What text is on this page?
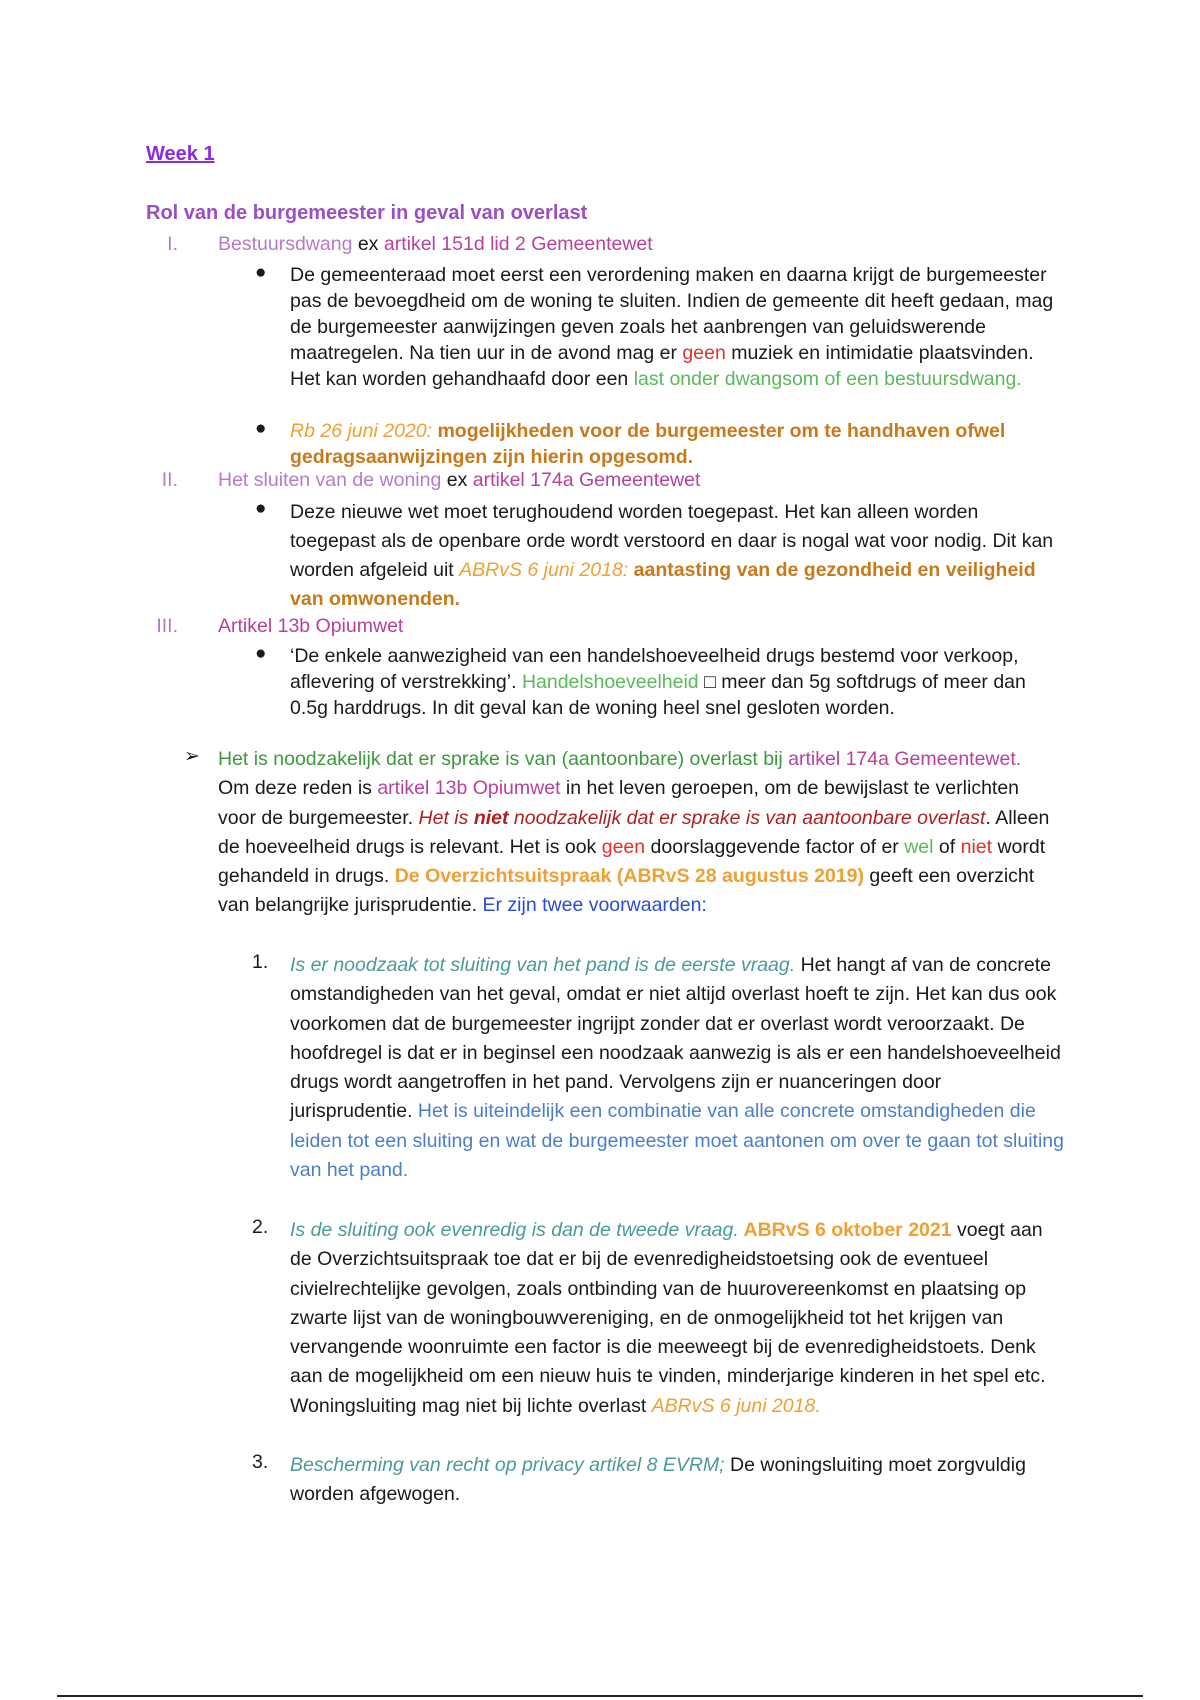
Week 1
Rol van de burgemeester in geval van overlast
I. Bestuursdwang ex artikel 151d lid 2 Gemeentewet
● De gemeenteraad moet eerst een verordening maken en daarna krijgt de burgemeester pas de bevoegdheid om de woning te sluiten. Indien de gemeente dit heeft gedaan, mag de burgemeester aanwijzingen geven zoals het aanbrengen van geluidswerende maatregelen. Na tien uur in de avond mag er geen muziek en intimidatie plaatsvinden. Het kan worden gehandhaafd door een last onder dwangsom of een bestuursdwang.
● Rb 26 juni 2020: mogelijkheden voor de burgemeester om te handhaven ofwel gedragsaanwijzingen zijn hierin opgesomd.
II. Het sluiten van de woning ex artikel 174a Gemeentewet
● Deze nieuwe wet moet terughoudend worden toegepast. Het kan alleen worden toegepast als de openbare orde wordt verstoord en daar is nogal wat voor nodig. Dit kan worden afgeleid uit ABRvS 6 juni 2018: aantasting van de gezondheid en veiligheid van omwonenden.
III. Artikel 13b Opiumwet
● ‘De enkele aanwezigheid van een handelshoeveelheid drugs bestemd voor verkoop, aflevering of verstrekking’. Handelshoeveelheid □ meer dan 5g softdrugs of meer dan 0.5g harddrugs. In dit geval kan de woning heel snel gesloten worden.
➢ Het is noodzakelijk dat er sprake is van (aantoonbare) overlast bij artikel 174a Gemeentewet. Om deze reden is artikel 13b Opiumwet in het leven geroepen, om de bewijslast te verlichten voor de burgemeester. Het is niet noodzakelijk dat er sprake is van aantoonbare overlast. Alleen de hoeveelheid drugs is relevant. Het is ook geen doorslaggevende factor of er wel of niet wordt gehandeld in drugs. De Overzichtsuitspraak (ABRvS 28 augustus 2019) geeft een overzicht van belangrijke jurisprudentie. Er zijn twee voorwaarden:
1. Is er noodzaak tot sluiting van het pand is de eerste vraag. Het hangt af van de concrete omstandigheden van het geval, omdat er niet altijd overlast hoeft te zijn. Het kan dus ook voorkomen dat de burgemeester ingrijpt zonder dat er overlast wordt veroorzaakt. De hoofdregel is dat er in beginsel een noodzaak aanwezig is als er een handelshoeveelheid drugs wordt aangetroffen in het pand. Vervolgens zijn er nuanceringen door jurisprudentie. Het is uiteindelijk een combinatie van alle concrete omstandigheden die leiden tot een sluiting en wat de burgemeester moet aantonen om over te gaan tot sluiting van het pand.
2. Is de sluiting ook evenredig is dan de tweede vraag. ABRvS 6 oktober 2021 voegt aan de Overzichtsuitspraak toe dat er bij de evenredigheidstoetsing ook de eventueel civielrechtelijke gevolgen, zoals ontbinding van de huurovereenkomst en plaatsing op zwarte lijst van de woningbouwvereniging, en de onmogelijkheid tot het krijgen van vervangende woonruimte een factor is die meeweegt bij de evenredigheidstoets. Denk aan de mogelijkheid om een nieuw huis te vinden, minderjarige kinderen in het spel etc. Woningsluiting mag niet bij lichte overlast ABRvS 6 juni 2018.
3. Bescherming van recht op privacy artikel 8 EVRM; De woningsluiting moet zorgvuldig worden afgewogen.
